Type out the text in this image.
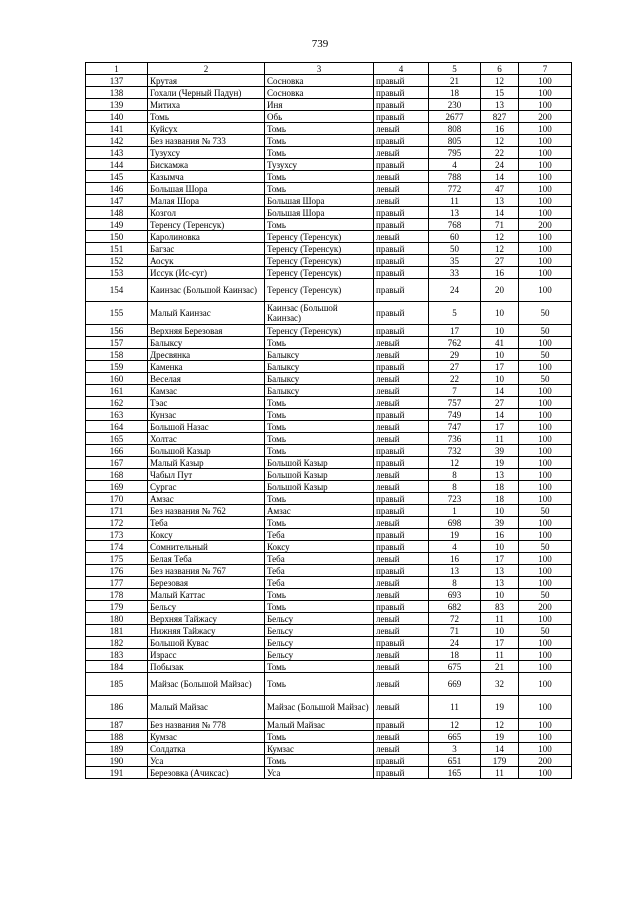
739
1	2	3	4	5	6	7
137	Крутая	Сосновка	правый	21	12	100
138	Гохали (Черный Падун)	Сосновка	правый	18	15	100
139	Митиха	Иня	правый	230	13	100
140	Томь	Обь	правый	2677	827	200
141	Куйсух	Томь	левый	808	16	100
142	Без названия № 733	Томь	правый	805	12	100
143	Тузухсу	Томь	левый	795	22	100
144	Бискамжа	Тузухсу	правый	4	24	100
145	Казымча	Томь	левый	788	14	100
146	Большая Шора	Томь	левый	772	47	100
147	Малая Шора	Большая Шора	левый	11	13	100
148	Козгол	Большая Шора	правый	13	14	100
149	Теренсу (Теренсук)	Томь	правый	768	71	200
150	Каролиновка	Теренсу (Теренсук)	левый	60	12	100
151	Багзас	Теренсу (Теренсук)	правый	50	12	100
152	Аосук	Теренсу (Теренсук)	правый	35	27	100
153	Иссук (Ис-суг)	Теренсу (Теренсук)	правый	33	16	100
154	Каинзас (Большой Каинзас)	Теренсу (Теренсук)	правый	24	20	100
155	Малый Каинзас	Каинзас (Большой Каинзас)	правый	5	10	50
156	Верхняя Березовая	Теренсу (Теренсук)	правый	17	10	50
157	Балыксу	Томь	левый	762	41	100
158	Дресвянка	Балыксу	левый	29	10	50
159	Каменка	Балыксу	правый	27	17	100
160	Веселая	Балыксу	левый	22	10	50
161	Камзас	Балыксу	левый	7	14	100
162	Тэас	Томь	левый	757	27	100
163	Кунзас	Томь	правый	749	14	100
164	Большой Назас	Томь	левый	747	17	100
165	Холтас	Томь	левый	736	11	100
166	Большой Казыр	Томь	правый	732	39	100
167	Малый Казыр	Большой Казыр	правый	12	19	100
168	Чабыл Пут	Большой Казыр	левый	8	13	100
169	Сургас	Большой Казыр	левый	8	18	100
170	Амзас	Томь	правый	723	18	100
171	Без названия № 762	Амзас	правый	1	10	50
172	Теба	Томь	левый	698	39	100
173	Коксу	Теба	правый	19	16	100
174	Сомнительный	Коксу	правый	4	10	50
175	Белая Теба	Теба	левый	16	17	100
176	Без названия № 767	Теба	правый	13	13	100
177	Березовая	Теба	левый	8	13	100
178	Малый Каттас	Томь	левый	693	10	50
179	Бельсу	Томь	правый	682	83	200
180	Верхняя Тайжасу	Бельсу	левый	72	11	100
181	Нижняя Тайжасу	Бельсу	левый	71	10	50
182	Большой Кувас	Бельсу	правый	24	17	100
183	Израсс	Бельсу	левый	18	11	100
184	Побызак	Томь	левый	675	21	100
185	Майзас (Большой Майзас)	Томь	левый	669	32	100
186	Малый Майзас	Майзас (Большой Майзас)	левый	11	19	100
187	Без названия № 778	Малый Майзас	правый	12	12	100
188	Кумзас	Томь	левый	665	19	100
189	Солдатка	Кумзас	левый	3	14	100
190	Уса	Томь	правый	651	179	200
191	Березовка (Ачиксас)	Уса	правый	165	11	100
